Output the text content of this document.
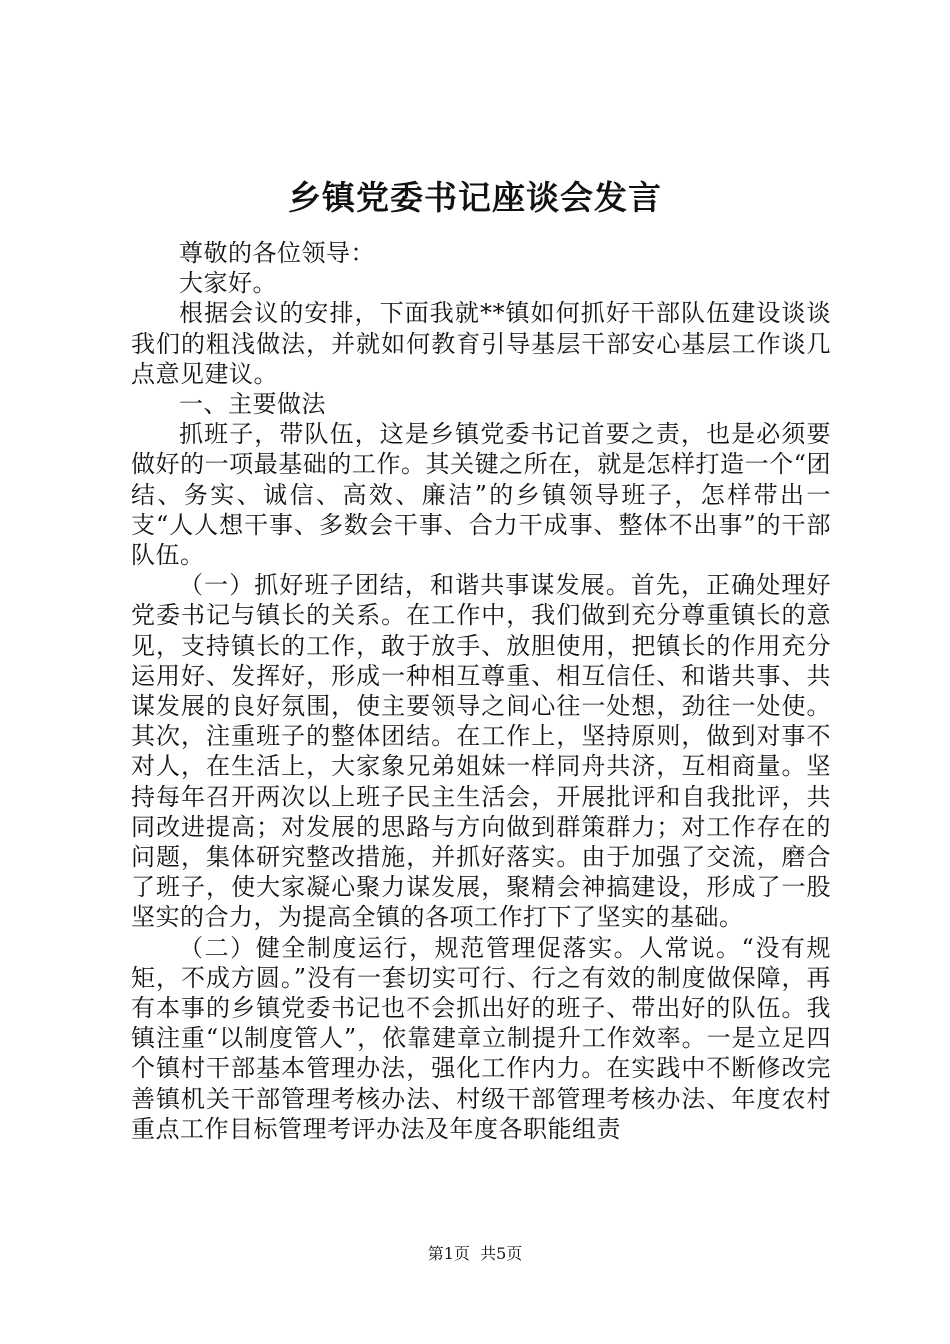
乡镇党委书记座谈会发言

尊敬的各位领导：

大家好。

根据会议的安排，下面我就**镇如何抓好干部队伍建设谈谈我们的粗浅做法，并就如何教育引导基层干部安心基层工作谈几点意见建议。

一、主要做法

抓班子，带队伍，这是乡镇党委书记首要之责，也是必须要做好的一项最基础的工作。其关键之所在，就是怎样打造一个“团结、务实、诚信、高效、廉洁”的乡镇领导班子，怎样带出一支“人人想干事、多数会干事、合力干成事、整体不出事”的干部队伍。

（一）抓好班子团结，和谐共事谋发展。首先，正确处理好党委书记与镇长的关系。在工作中，我们做到充分尊重镇长的意见，支持镇长的工作，敢于放手、放胆使用，把镇长的作用充分运用好、发挥好，形成一种相互尊重、相互信任、和谐共事、共谋发展的良好氛围，使主要领导之间心往一处想，劲往一处使。其次，注重班子的整体团结。在工作上，坚持原则，做到对事不对人，在生活上，大家象兄弟姐妹一样同舟共济，互相商量。坚持每年召开两次以上班子民主生活会，开展批评和自我批评，共同改进提高；对发展的思路与方向做到群策群力；对工作存在的问题，集体研究整改措施，并抓好落实。由于加强了交流，磨合了班子，使大家凝心聚力谋发展，聚精会神搞建设，形成了一股坚实的合力，为提高全镇的各项工作打下了坚实的基础。

（二）健全制度运行，规范管理促落实。人常说。“没有规矩，不成方圆。”没有一套切实可行、行之有效的制度做保障，再有本事的乡镇党委书记也不会抓出好的班子、带出好的队伍。我镇注重“以制度管人”，依靠建章立制提升工作效率。一是立足四个镇村干部基本管理办法，强化工作内力。在实践中不断修改完善镇机关干部管理考核办法、村级干部管理考核办法、年度农村重点工作目标管理考评办法及年度各职能组责

第1页 共5页
